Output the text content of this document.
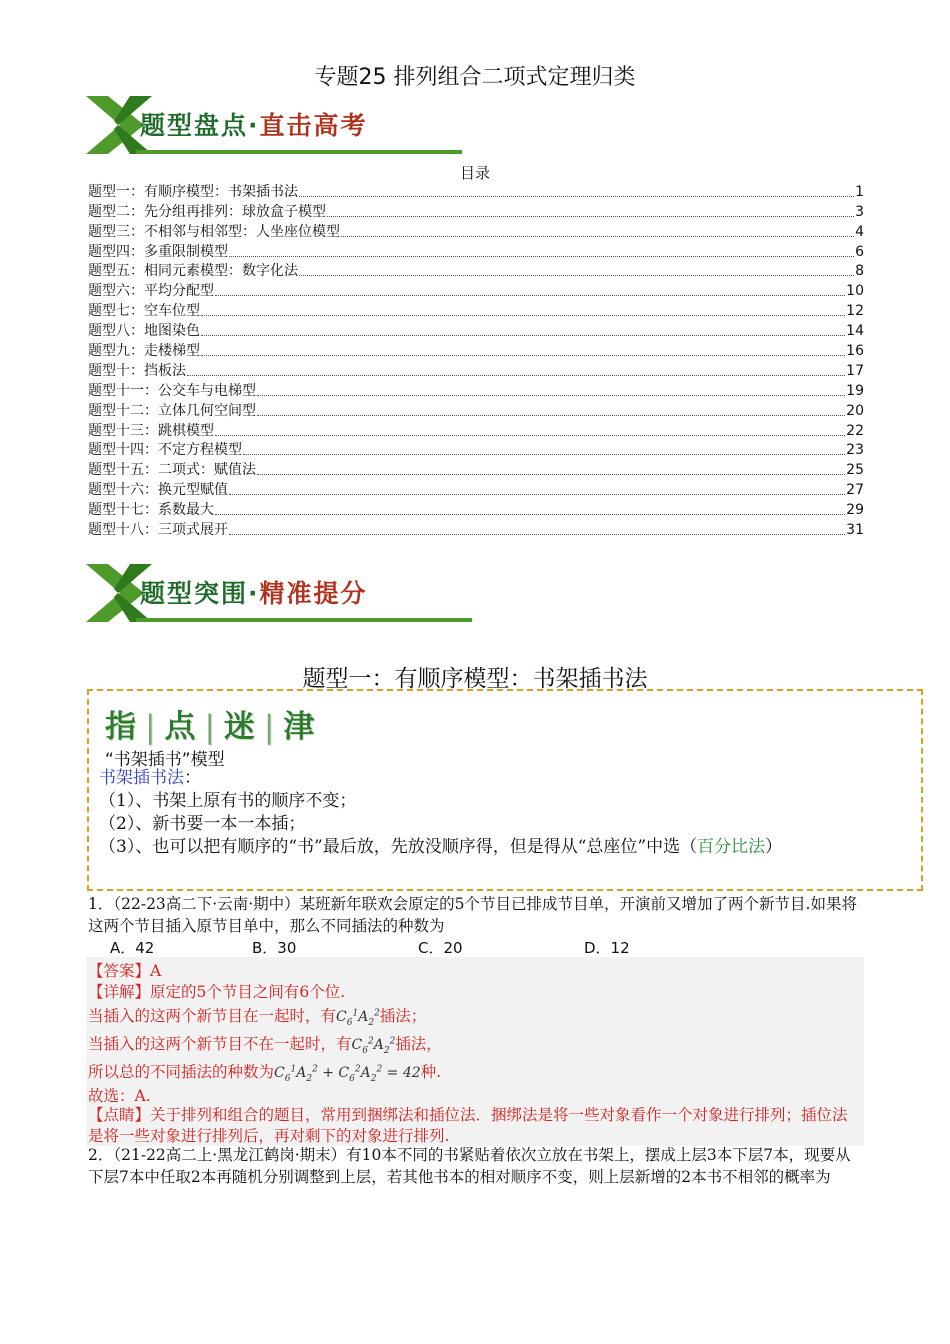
专题25 排列组合二项式定理归类
题型盘点·直击高考
目录
题型一：有顺序模型：书架插书法	1
题型二：先分组再排列：球放盒子模型	3
题型三：不相邻与相邻型：人坐座位模型	4
题型四：多重限制模型	6
题型五：相同元素模型：数字化法	8
题型六：平均分配型	10
题型七：空车位型	12
题型八：地图染色	14
题型九：走楼梯型	16
题型十：挡板法	17
题型十一：公交车与电梯型	19
题型十二：立体几何空间型	20
题型十三：跳棋模型	22
题型十四：不定方程模型	23
题型十五：二项式：赋值法	25
题型十六：换元型赋值	27
题型十七：系数最大	29
题型十八：三项式展开	31
题型突围·精准提分
题型一：有顺序模型：书架插书法
指 | 点 | 迷 | 津
“书架插书”模型
书架插书法：
（1）、书架上原有书的顺序不变；
（2）、新书要一本一本插；
（3）、也可以把有顺序的“书”最后放，先放没顺序得，但是得从“总座位”中选（百分比法）
1．（22-23高二下·云南·期中）某班新年联欢会原定的5个节目已排成节目单，开演前又增加了两个新节目.如果将这两个节目插入原节目单中，那么不同插法的种数为
A．42	B．30	C．20	D．12
【答案】A
【详解】原定的5个节目之间有6个位.
当插入的这两个新节目在一起时，有$C_6^1A_2^2$插法；
当插入的这两个新节目不在一起时，有$C_6^2A_2^2$插法，
所以总的不同插法的种数为$C_6^1A_2^2 + C_6^2A_2^2 = 42$种.
故选：A.
【点睛】关于排列和组合的题目，常用到捆绑法和插位法．捆绑法是将一些对象看作一个对象进行排列；插位法是将一些对象进行排列后，再对剩下的对象进行排列.
2．（21-22高二上·黑龙江鹤岗·期末）有10本不同的书紧贴着依次立放在书架上，摆成上层3本下层7本，现要从下层7本中任取2本再随机分别调整到上层，若其他书本的相对顺序不变，则上层新增的2本书不相邻的概率为
